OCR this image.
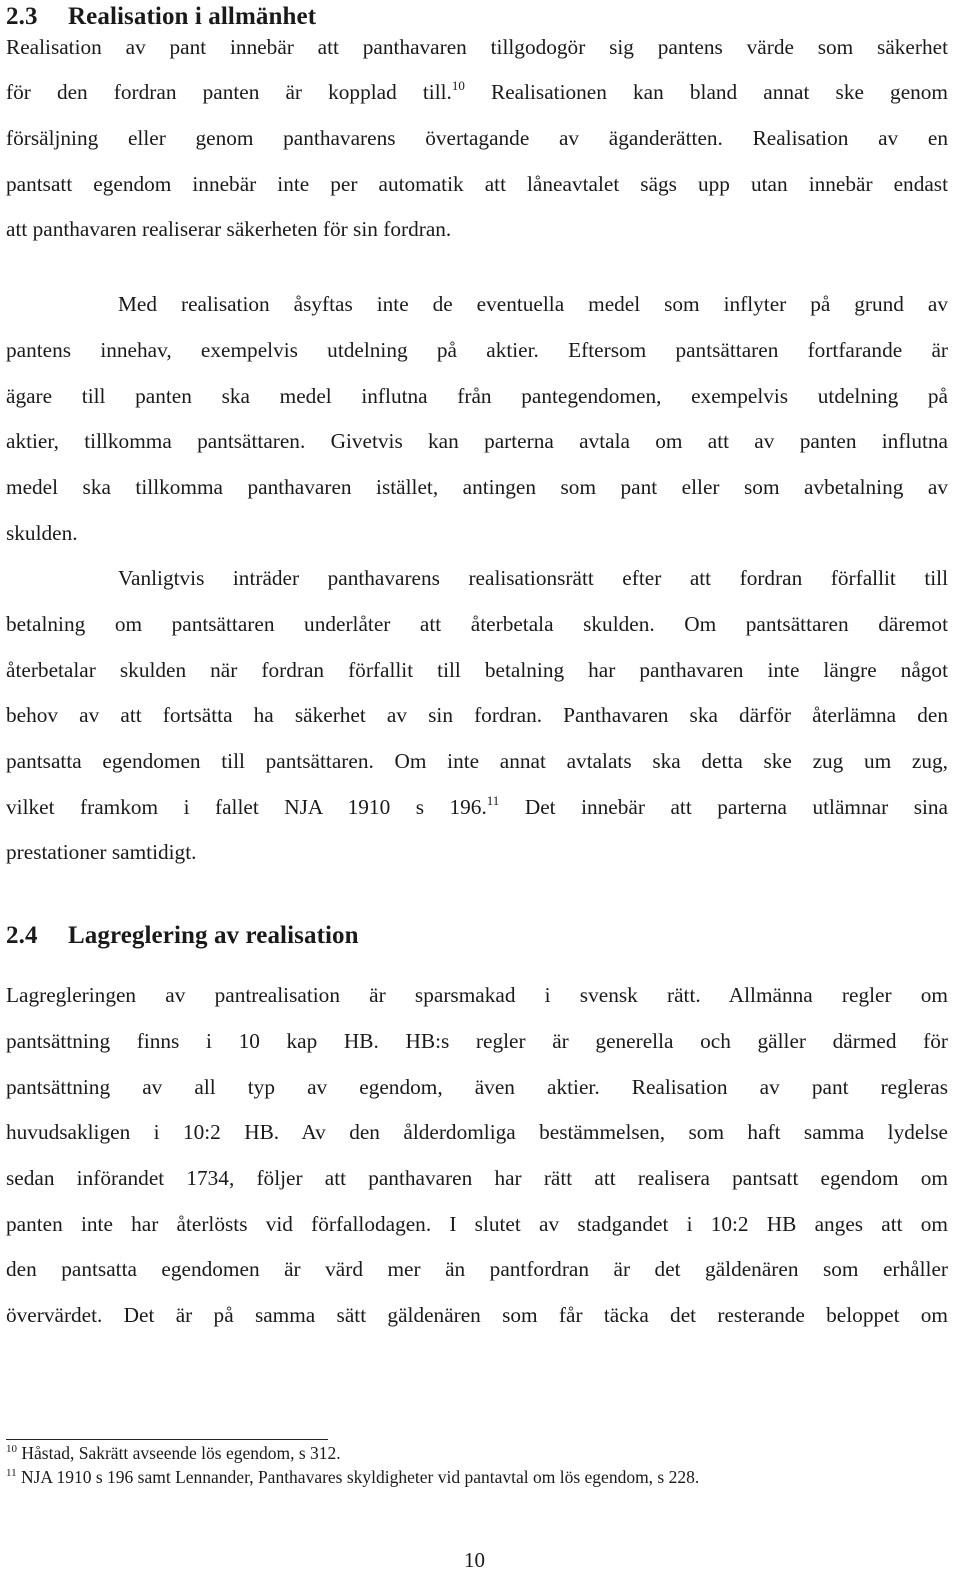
2.3 Realisation i allmänhet
Realisation av pant innebär att panthavaren tillgodogör sig pantens värde som säkerhet
för den fordran panten är kopplad till.$^{10}$ Realisationen kan bland annat ske genom
försäljning eller genom panthavarens övertagande av äganderätten. Realisation av en
pantsatt egendom innebär inte per automatik att låneavtalet sägs upp utan innebär endast
att panthavaren realiserar säkerheten för sin fordran.
Med realisation åsyftas inte de eventuella medel som inflyter på grund av
pantens innehav, exempelvis utdelning på aktier. Eftersom pantsättaren fortfarande är
ägare till panten ska medel influtna från pantegendomen, exempelvis utdelning på
aktier, tillkomma pantsättaren. Givetvis kan parterna avtala om att av panten influtna
medel ska tillkomma panthavaren istället, antingen som pant eller som avbetalning av
skulden.
Vanligtvis inträder panthavarens realisationsrätt efter att fordran förfallit till
betalning om pantsättaren underlåter att återbetala skulden. Om pantsättaren däremot
återbetalar skulden när fordran förfallit till betalning har panthavaren inte längre något
behov av att fortsätta ha säkerhet av sin fordran. Panthavaren ska därför återlämna den
pantsatta egendomen till pantsättaren. Om inte annat avtalats ska detta ske zug um zug,
vilket framkom i fallet NJA 1910 s 196.11 Det innebär att parterna utlämnar sina
prestationer samtidigt.
2.4 Lagreglering av realisation
Lagregleringen av pantrealisation är sparsmakad i svensk rätt. Allmänna regler om
pantsättning finns i 10 kap HB. HB:s regler är generella och gäller därmed för
pantsättning av all typ av egendom, även aktier. Realisation av pant regleras
huvudsakligen i 10:2 HB. Av den ålderdomliga bestämmelsen, som haft samma lydelse
sedan införandet 1734, följer att panthavaren har rätt att realisera pantsatt egendom om
panten inte har återlösts vid förfallodagen. I slutet av stadgandet i 10:2 HB anges att om
den pantsatta egendomen är värd mer än pantfordran är det gäldenären som erhåller
övervärdet. Det är på samma sätt gäldenären som får täcka det resterande beloppet om
$^{10}$ Håstad, Sakrätt avseende lös egendom, s 312.
$^{11}$ NJA 1910 s 196 samt Lennander, Panthavares skyldigheter vid pantavtal om lös egendom, s 228.
10
